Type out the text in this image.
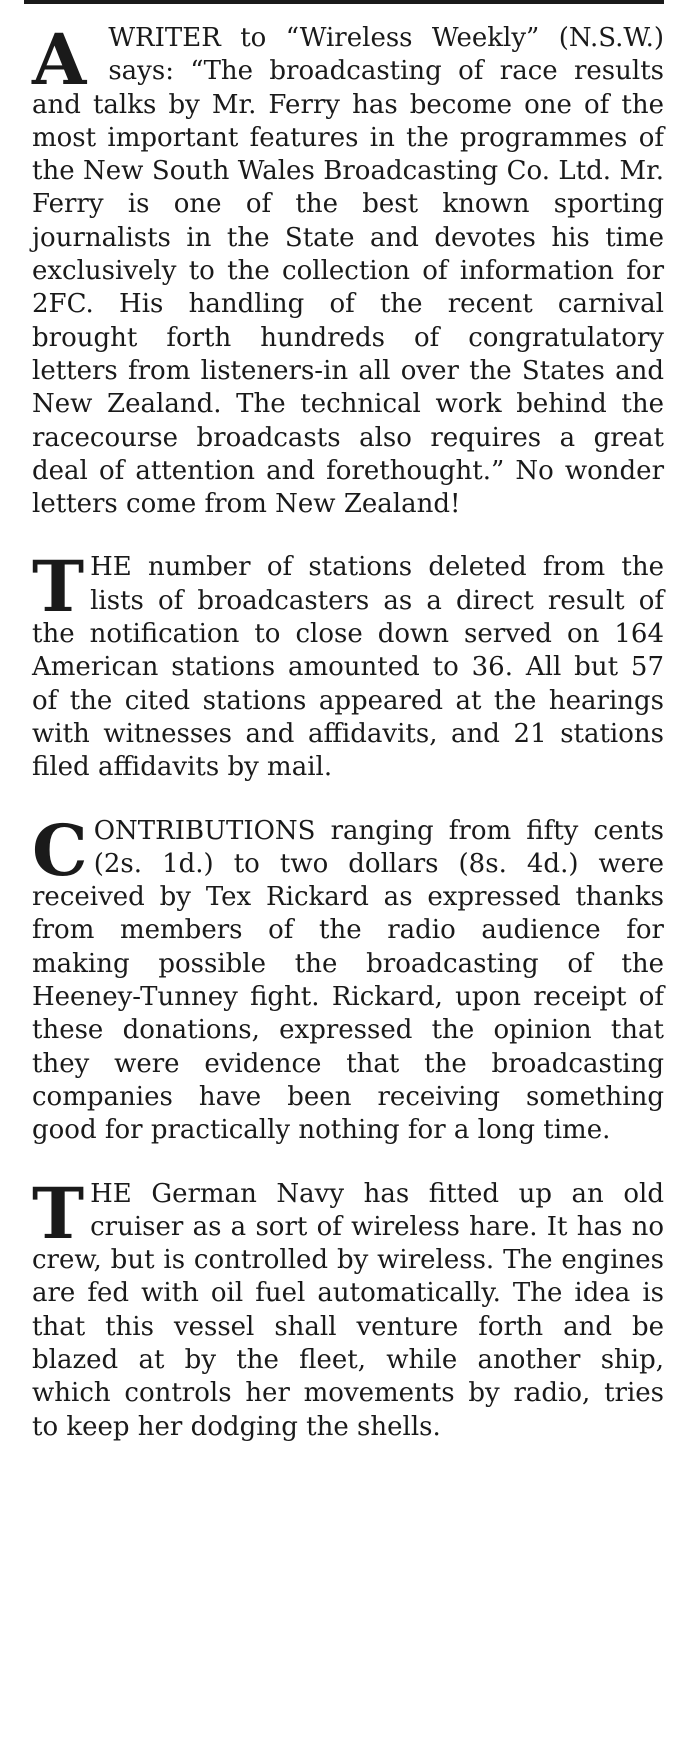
AWRITER to “Wireless Weekly” (N.S.W.) says: “The broadcasting of race results and talks by Mr. Ferry has become one of the most important features in the programmes of the New South Wales Broadcasting Co. Ltd. Mr. Ferry is one of the best known sporting journalists in the State and devotes his time exclusively to the collection of information for 2FC. His handling of the recent carnival brought forth hundreds of congratulatory letters from listeners-in all over the States and New Zealand. The technical work behind the racecourse broadcasts also requires a great deal of attention and forethought.” No wonder letters come from New Zealand!

THE number of stations deleted from the lists of broadcasters as a direct result of the notification to close down served on 164 American stations amounted to 36. All but 57 of the cited stations appeared at the hearings with witnesses and affidavits, and 21 stations filed affidavits by mail.

CONTRIBUTIONS ranging from fifty cents (2s. 1d.) to two dollars (8s. 4d.) were received by Tex Rickard as expressed thanks from members of the radio audience for making possible the broadcasting of the Heeney-Tunney fight. Rickard, upon receipt of these donations, expressed the opinion that they were evidence that the broadcasting companies have been receiving something good for practically nothing for a long time.

THE German Navy has fitted up an old cruiser as a sort of wireless hare. It has no crew, but is controlled by wireless. The engines are fed with oil fuel automatically. The idea is that this vessel shall venture forth and be blazed at by the fleet, while another ship, which controls her movements by radio, tries to keep her dodging the shells.
